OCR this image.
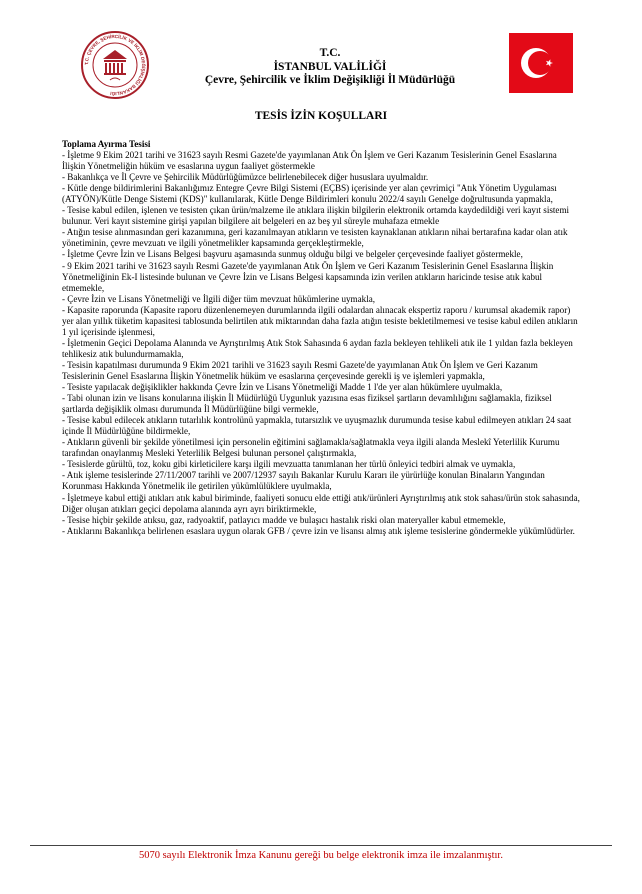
T.C. ÇEVRE, ŞEHİRCİLİK VE İKLİM DEĞİŞİKLİĞİ BAKANLIĞI
T.C.
İSTANBUL VALİLİĞİ
Çevre, Şehircilik ve İklim Değişikliği İl Müdürlüğü
TESİS İZİN KOŞULLARI
Toplama Ayırma Tesisi
- İşletme 9 Ekim 2021 tarihi ve 31623 sayılı Resmi Gazete'de yayımlanan Atık Ön İşlem ve Geri Kazanım Tesislerinin Genel Esaslarına İlişkin Yönetmeliğin hüküm ve esaslarına uygun faaliyet göstermekle
- Bakanlıkça ve İl Çevre ve Şehircilik Müdürlüğümüzce belirlenebilecek diğer hususlara uyulmaldır.
- Kütle denge bildirimlerini Bakanlığımız Entegre Çevre Bilgi Sistemi (EÇBS) içerisinde yer alan çevrimiçi "Atık Yönetim Uygulaması (ATYÖN)/Kütle Denge Sistemi (KDS)" kullanılarak, Kütle Denge Bildirimleri konulu 2022/4 sayılı Genelge doğrultusunda yapmakla,
- Tesise kabul edilen, işlenen ve tesisten çıkan ürün/malzeme ile atıklara ilişkin bilgilerin elektronik ortamda kaydedildiği veri kayıt sistemi bulunur. Veri kayıt sistemine girişi yapılan bilgilere ait belgeleri en az beş yıl süreyle muhafaza etmekle
- Atığın tesise alınmasından geri kazanımına, geri kazanılmayan atıkların ve tesisten kaynaklanan atıkların nihai bertarafına kadar olan atık yönetiminin, çevre mevzuatı ve ilgili yönetmelikler kapsamında gerçekleştirmekle,
- İşletme Çevre İzin ve Lisans Belgesi başvuru aşamasında sunmuş olduğu bilgi ve belgeler çerçevesinde faaliyet göstermekle,
- 9 Ekim 2021 tarihi ve 31623 sayılı Resmi Gazete'de yayımlanan Atık Ön İşlem ve Geri Kazanım Tesislerinin Genel Esaslarına İlişkin Yönetmeliğinin Ek-I listesinde bulunan ve Çevre İzin ve Lisans Belgesi kapsamında izin verilen atıkların haricinde tesise atık kabul etmemekle,
- Çevre İzin ve Lisans Yönetmeliği ve İlgili diğer tüm mevzuat hükümlerine uymakla,
- Kapasite raporunda (Kapasite raporu düzenlenemeyen durumlarında ilgili odalardan alınacak ekspertiz raporu / kurumsal akademik rapor) yer alan yıllık tüketim kapasitesi tablosunda belirtilen atık miktarından daha fazla atığın tesiste bekletilmemesi ve tesise kabul edilen atıkların 1 yıl içerisinde işlenmesi,
- İşletmenin Geçici Depolama Alanında ve Ayrıştırılmış Atık Stok Sahasında 6 aydan fazla bekleyen tehlikeli atık ile 1 yıldan fazla bekleyen tehlikesiz atık bulundurmamakla,
- Tesisin kapatılması durumunda 9 Ekim 2021 tarihli ve 31623 sayılı Resmi Gazete'de yayımlanan Atık Ön İşlem ve Geri Kazanım Tesislerinin Genel Esaslarına İlişkin Yönetmelik hüküm ve esaslarına çerçevesinde gerekli iş ve işlemleri yapmakla,
- Tesiste yapılacak değişiklikler hakkında Çevre İzin ve Lisans Yönetmeliği Madde 1 l'de yer alan hükümlere uyulmakla,
- Tabi olunan izin ve lisans konularına ilişkin İl Müdürlüğü Uygunluk yazısına esas fiziksel şartların devamlılığını sağlamakla, fiziksel şartlarda değişiklik olması durumunda İl Müdürlüğüne bilgi vermekle,
- Tesise kabul edilecek atıkların tutarlılık kontrolünü yapmakla, tutarsızlık ve uyuşmazlık durumunda tesise kabul edilmeyen atıkları 24 saat içinde İl Müdürlüğüne bildirmekle,
- Atıkların güvenli bir şekilde yönetilmesi için personelin eğitimini sağlamakla/sağlatmakla veya ilgili alanda Meslekî Yeterlilik Kurumu tarafından onaylanmış Mesleki Yeterlilik Belgesi bulunan personel çalıştırmakla,
- Tesislerde gürültü, toz, koku gibi kirleticilere karşı ilgili mevzuatta tanımlanan her türlü önleyici tedbiri almak ve uymakla,
- Atık işleme tesislerinde 27/11/2007 tarihli ve 2007/12937 sayılı Bakanlar Kurulu Kararı ile yürürlüğe konulan Binaların Yangından Korunması Hakkında Yönetmelik ile getirilen yükümlülüklere uyulmakla,
- İşletmeye kabul ettiği atıkları atık kabul biriminde, faaliyeti sonucu elde ettiği atık/ürünleri Ayrıştırılmış atık stok sahası/ürün stok sahasında, Diğer oluşan atıkları geçici depolama alanında ayrı ayrı biriktirmekle,
- Tesise hiçbir şekilde atıksu, gaz, radyoaktif, patlayıcı madde ve bulaşıcı hastalık riski olan materyaller kabul etmemekle,
- Atıklarını Bakanlıkça belirlenen esaslara uygun olarak GFB / çevre izin ve lisansı almış atık işleme tesislerine göndermekle yükümlüdürler.
5070 sayılı Elektronik İmza Kanunu gereği bu belge elektronik imza ile imzalanmıştır.
